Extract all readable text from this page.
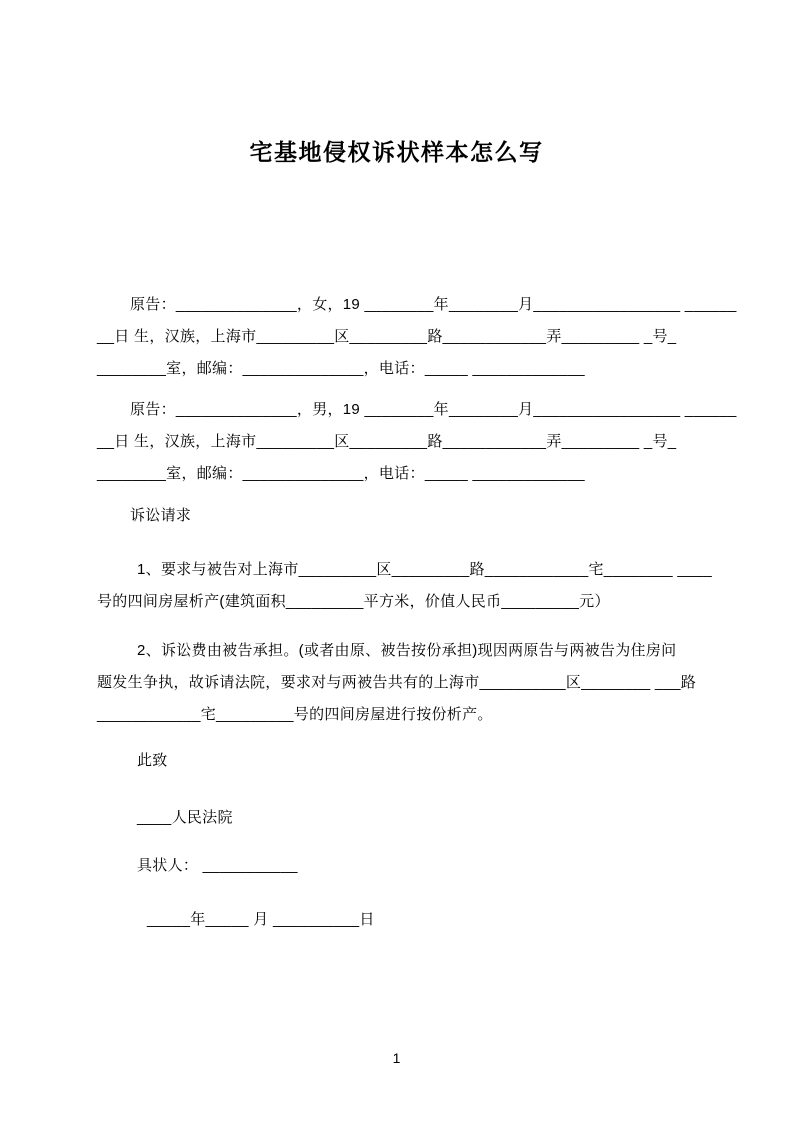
宅基地侵权诉状样本怎么写
原告：______________，女，19 ________年________月_________________ ______
__日 生，汉族，上海市_________区_________路____________弄_________ _号_
________室，邮编：______________，电话：_____ _____________
原告：______________，男，19 ________年________月_________________ ______
__日 生，汉族，上海市_________区_________路____________弄_________ _号_
________室，邮编：______________，电话：_____ _____________
诉讼请求
1、要求与被告对上海市_________区_________路____________宅________ ____
号的四间房屋析产(建筑面积_________平方米，价值人民币_________元）
2、诉讼费由被告承担。(或者由原、被告按份承担)现因两原告与两被告为住房问
题发生争执，故诉请法院，要求对与两被告共有的上海市__________区________ ___路
____________宅_________号的四间房屋进行按份析产。
此致
____人民法院
具状人： ___________
_____年_____ 月 __________日
1
